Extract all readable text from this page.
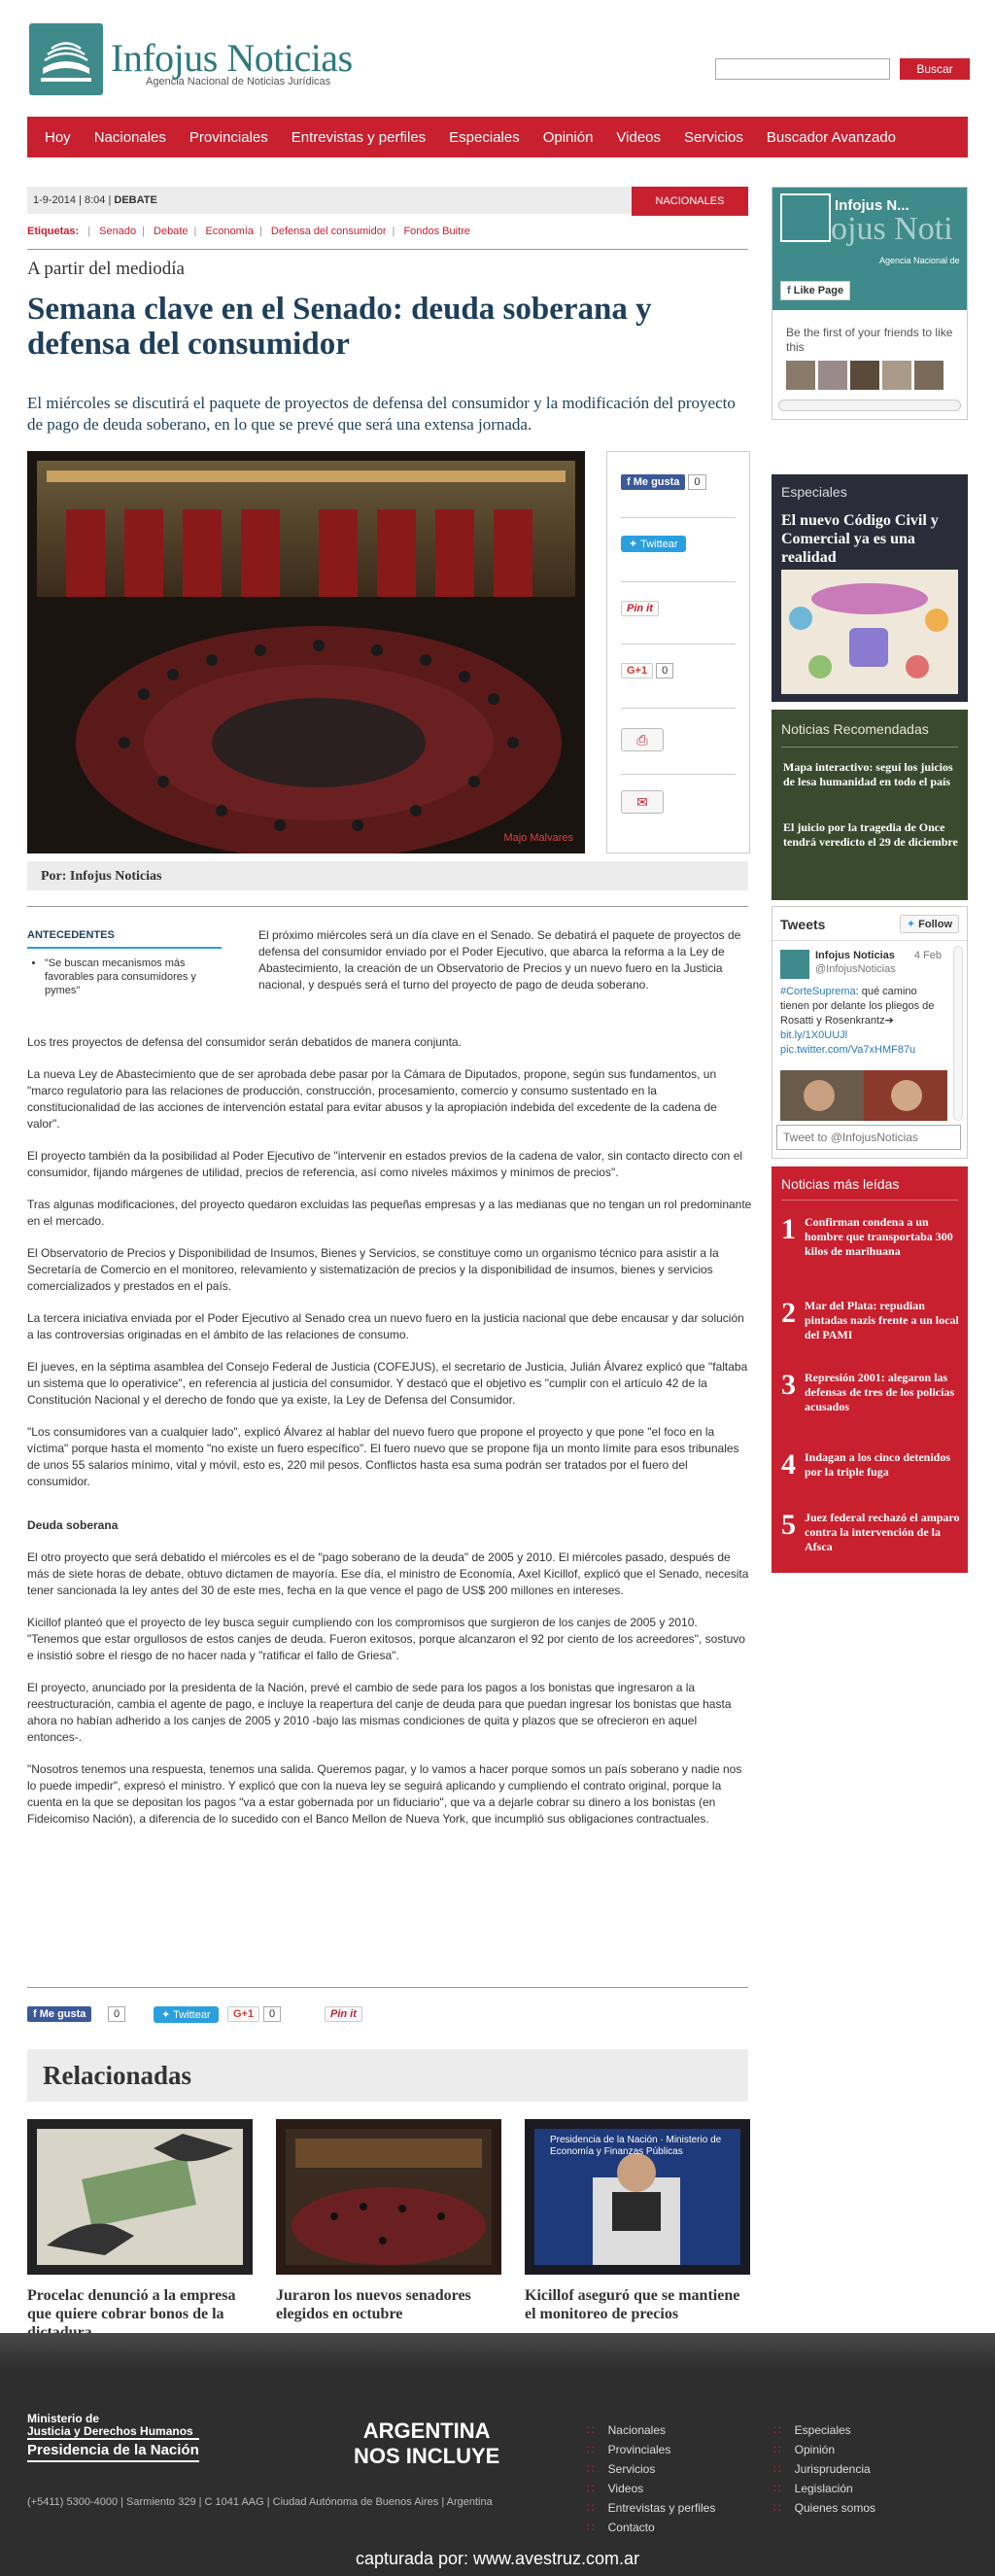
Infojus Noticias
Agencia Nacional de Noticias Jurídicas
Buscar
Hoy	Nacionales	Provinciales	Entrevistas y perfiles	Especiales	Opinión	Videos	Servicios	Buscador Avanzado
1-9-2014 | 8:04 | DEBATE	NACIONALES
Etiquetas: | Senado | Debate | Economía | Defensa del consumidor | Fondos Buitre
A partir del mediodía
Semana clave en el Senado: deuda soberana y defensa del consumidor
El miércoles se discutirá el paquete de proyectos de defensa del consumidor y la modificación del proyecto de pago de deuda soberano, en lo que se prevé que será una extensa jornada.
Majo Malvares
f Me gusta 0
✦ Twittear
Pin it
G+1 0
⎙
✉
Por: Infojus Noticias
ANTECEDENTES
• "Se buscan mecanismos más favorables para consumidores y pymes"
El próximo miércoles será un día clave en el Senado. Se debatirá el paquete de proyectos de defensa del consumidor enviado por el Poder Ejecutivo, que abarca la reforma a la Ley de Abastecimiento, la creación de un Observatorio de Precios y un nuevo fuero en la Justicia nacional, y después será el turno del proyecto de pago de deuda soberano.

Los tres proyectos de defensa del consumidor serán debatidos de manera conjunta.

La nueva Ley de Abastecimiento que de ser aprobada debe pasar por la Cámara de Diputados, propone, según sus fundamentos, un "marco regulatorio para las relaciones de producción, construcción, procesamiento, comercio y consumo sustentado en la constitucionalidad de las acciones de intervención estatal para evitar abusos y la apropiación indebida del excedente de la cadena de valor".

El proyecto también da la posibilidad al Poder Ejecutivo de "intervenir en estados previos de la cadena de valor, sin contacto directo con el consumidor, fijando márgenes de utilidad, precios de referencia, así como niveles máximos y mínimos de precios".

Tras algunas modificaciones, del proyecto quedaron excluidas las pequeñas empresas y a las medianas que no tengan un rol predominante en el mercado.

El Observatorio de Precios y Disponibilidad de Insumos, Bienes y Servicios, se constituye como un organismo técnico para asistir a la Secretaría de Comercio en el monitoreo, relevamiento y sistematización de precios y la disponibilidad de insumos, bienes y servicios comercializados y prestados en el país.

La tercera iniciativa enviada por el Poder Ejecutivo al Senado crea un nuevo fuero en la justicia nacional que debe encausar y dar solución a las controversias originadas en el ámbito de las relaciones de consumo.

El jueves, en la séptima asamblea del Consejo Federal de Justicia (COFEJUS), el secretario de Justicia, Julián Álvarez explicó que "faltaba un sistema que lo operativice", en referencia al justicia del consumidor. Y destacó que el objetivo es "cumplir con el artículo 42 de la Constitución Nacional y el derecho de fondo que ya existe, la Ley de Defensa del Consumidor.

"Los consumidores van a cualquier lado", explicó Álvarez al hablar del nuevo fuero que propone el proyecto y que pone "el foco en la víctima" porque hasta el momento "no existe un fuero específico". El fuero nuevo que se propone fija un monto límite para esos tribunales de unos 55 salarios mínimo, vital y móvil, esto es, 220 mil pesos. Conflictos hasta esa suma podrán ser tratados por el fuero del consumidor.

Deuda soberana

El otro proyecto que será debatido el miércoles es el de "pago soberano de la deuda" de 2005 y 2010. El miércoles pasado, después de más de siete horas de debate, obtuvo dictamen de mayoría. Ese día, el ministro de Economía, Axel Kicillof, explicó que el Senado, necesita tener sancionada la ley antes del 30 de este mes, fecha en la que vence el pago de US$ 200 millones en intereses.

Kicillof planteó que el proyecto de ley busca seguir cumpliendo con los compromisos que surgieron de los canjes de 2005 y 2010. "Tenemos que estar orgullosos de estos canjes de deuda. Fueron exitosos, porque alcanzaron el 92 por ciento de los acreedores", sostuvo e insistió sobre el riesgo de no hacer nada y "ratificar el fallo de Griesa".

El proyecto, anunciado por la presidenta de la Nación, prevé el cambio de sede para los pagos a los bonistas que ingresaron a la reestructuración, cambia el agente de pago, e incluye la reapertura del canje de deuda para que puedan ingresar los bonistas que hasta ahora no habían adherido a los canjes de 2005 y 2010 -bajo las mismas condiciones de quita y plazos que se ofrecieron en aquel entonces-.

"Nosotros tenemos una respuesta, tenemos una salida. Queremos pagar, y lo vamos a hacer porque somos un país soberano y nadie nos lo puede impedir", expresó el ministro. Y explicó que con la nueva ley se seguirá aplicando y cumpliendo el contrato original, porque la cuenta en la que se depositan los pagos "va a estar gobernada por un fiduciario", que va a dejarle cobrar su dinero a los bonistas (en Fideicomiso Nación), a diferencia de lo sucedido con el Banco Mellon de Nueva York, que incumplió sus obligaciones contractuales.

f Me gusta	0	✦ Twittear	G+1	0	Pin it
Relacionadas
Procelac denunció a la empresa que quiere cobrar bonos de la
Juraron los nuevos senadores elegidos en octubre
Presidencia de la Nación · Ministerio de Economía y Finanzas Públicas
Kicillof aseguró que se mantiene el monitoreo de precios
ojus Noti
Infojus N...
Agencia Nacional de
f Like Page
Be the first of your friends to like this
Especiales
El nuevo Código Civil y Comercial ya es una realidad
Noticias Recomendadas
Mapa interactivo: seguí los juicios de lesa humanidad en todo el país
El juicio por la tragedia de Once tendrá veredicto el 29 de diciembre
Tweets	✦ Follow
Infojus Noticias
@InfojusNoticias
4 Feb
#CorteSuprema: qué camino tienen por delante los pliegos de Rosatti y Rosenkrantz➔ bit.ly/1X0UUJl pic.twitter.com/Va7xHMF87u
Tweet to @InfojusNoticias
Noticias más leídas
1 Confirman condena a un hombre que transportaba 300 kilos de marihuana
2 Mar del Plata: repudian pintadas nazis frente a un local del PAMI
3 Represión 2001: alegaron las defensas de tres de los policías acusados
4 Indagan a los cinco detenidos por la triple fuga
5 Juez federal rechazó el amparo contra la intervención de la Afsca
Ministerio de
Justicia y Derechos Humanos
Presidencia de la Nación
ARGENTINA
NOS INCLUYE
(+5411) 5300-4000 | Sarmiento 329 | C 1041 AAG | Ciudad Autónoma de Buenos Aires | Argentina
∷ Nacionales
∷ Provinciales
∷ Servicios
∷ Videos
∷ Entrevistas y perfiles
∷ Contacto
∷ Especiales
∷ Opinión
∷ Jurisprudencia
∷ Legislación
∷ Quienes somos
capturada por: www.avestruz.com.ar
